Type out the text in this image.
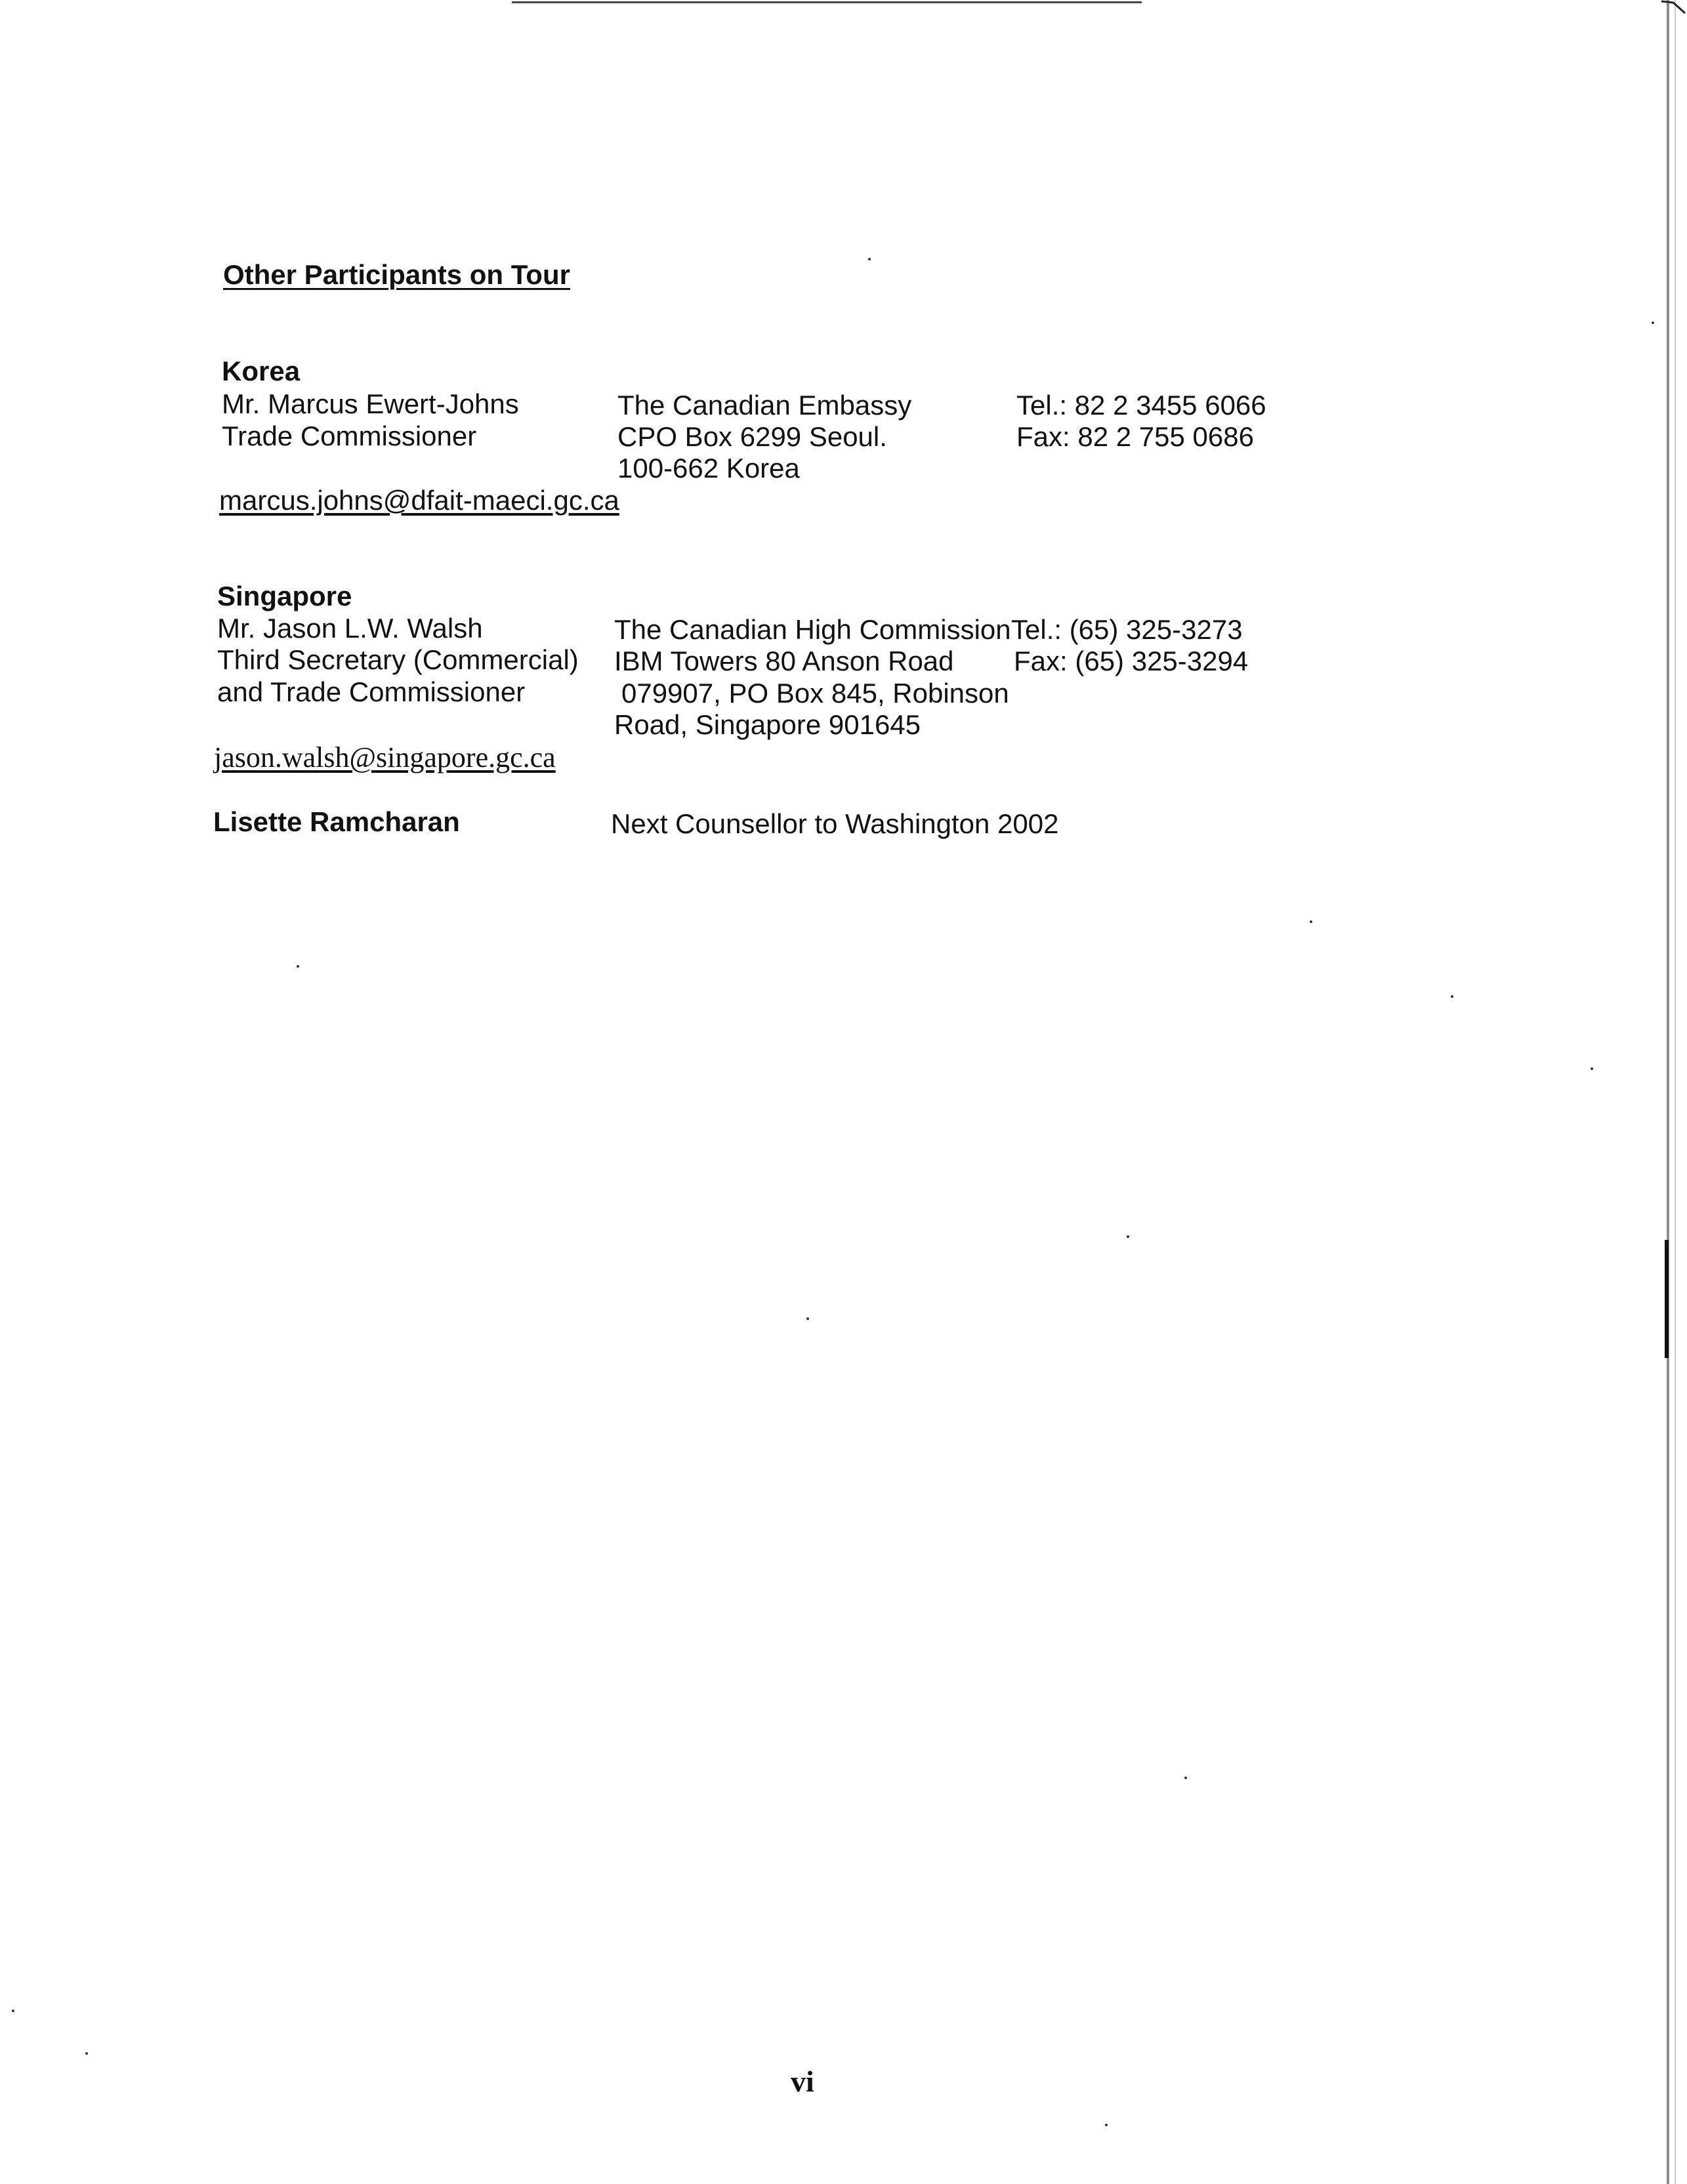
Other Participants on Tour
Korea
Mr. Marcus Ewert-Johns
Trade Commissioner
The Canadian Embassy
CPO Box 6299 Seoul.
100-662 Korea
Tel.: 82 2 3455 6066
Fax: 82 2 755 0686
marcus.johns@dfait-maeci.gc.ca
Singapore
Mr. Jason L.W. Walsh
Third Secretary (Commercial)
and Trade Commissioner
The Canadian High Commission
IBM Towers 80 Anson Road
079907, PO Box 845, Robinson
Road, Singapore 901645
Tel.: (65) 325-3273
Fax: (65) 325-3294
jason.walsh@singapore.gc.ca
Lisette Ramcharan	Next Counsellor to Washington 2002
vi
